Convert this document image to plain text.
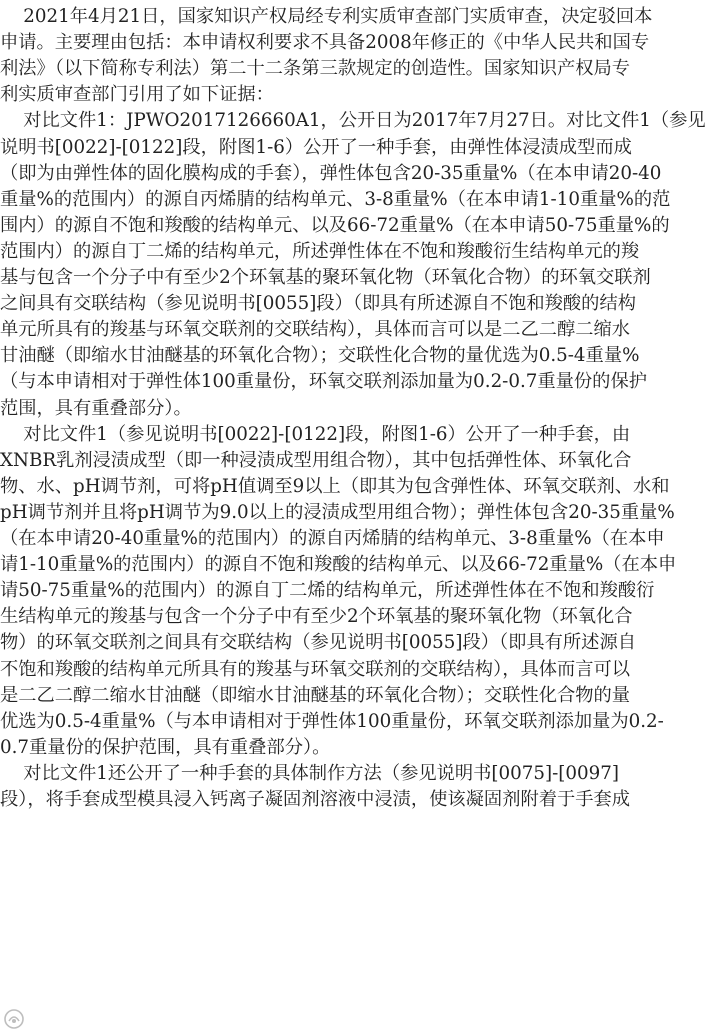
2021年4月21日，国家知识产权局经专利实质审查部门实质审查，决定驳回本
申请。主要理由包括：本申请权利要求不具备2008年修正的《中华人民共和国专
利法》（以下简称专利法）第二十二条第三款规定的创造性。国家知识产权局专
利实质审查部门引用了如下证据：
对比文件1：JPWO2017126660A1，公开日为2017年7月27日。对比文件1（参见
说明书[0022]-[0122]段，附图1-6）公开了一种手套，由弹性体浸渍成型而成
（即为由弹性体的固化膜构成的手套），弹性体包含20-35重量%（在本申请20-40
重量%的范围内）的源自丙烯腈的结构单元、3-8重量%（在本申请1-10重量%的范
围内）的源自不饱和羧酸的结构单元、以及66-72重量%（在本申请50-75重量%的
范围内）的源自丁二烯的结构单元，所述弹性体在不饱和羧酸衍生结构单元的羧
基与包含一个分子中有至少2个环氧基的聚环氧化物（环氧化合物）的环氧交联剂
之间具有交联结构（参见说明书[0055]段）（即具有所述源自不饱和羧酸的结构
单元所具有的羧基与环氧交联剂的交联结构），具体而言可以是二乙二醇二缩水
甘油醚（即缩水甘油醚基的环氧化合物）；交联性化合物的量优选为0.5-4重量%
（与本申请相对于弹性体100重量份，环氧交联剂添加量为0.2-0.7重量份的保护
范围，具有重叠部分）。
对比文件1（参见说明书[0022]-[0122]段，附图1-6）公开了一种手套，由
XNBR乳剂浸渍成型（即一种浸渍成型用组合物），其中包括弹性体、环氧化合
物、水、pH调节剂，可将pH值调至9以上（即其为包含弹性体、环氧交联剂、水和
pH调节剂并且将pH调节为9.0以上的浸渍成型用组合物）；弹性体包含20-35重量%
（在本申请20-40重量%的范围内）的源自丙烯腈的结构单元、3-8重量%（在本申
请1-10重量%的范围内）的源自不饱和羧酸的结构单元、以及66-72重量%（在本申
请50-75重量%的范围内）的源自丁二烯的结构单元，所述弹性体在不饱和羧酸衍
生结构单元的羧基与包含一个分子中有至少2个环氧基的聚环氧化物（环氧化合
物）的环氧交联剂之间具有交联结构（参见说明书[0055]段）（即具有所述源自
不饱和羧酸的结构单元所具有的羧基与环氧交联剂的交联结构），具体而言可以
是二乙二醇二缩水甘油醚（即缩水甘油醚基的环氧化合物）；交联性化合物的量
优选为0.5-4重量%（与本申请相对于弹性体100重量份，环氧交联剂添加量为0.2-
0.7重量份的保护范围，具有重叠部分）。
对比文件1还公开了一种手套的具体制作方法（参见说明书[0075]-[0097]
段），将手套成型模具浸入钙离子凝固剂溶液中浸渍，使该凝固剂附着于手套成
